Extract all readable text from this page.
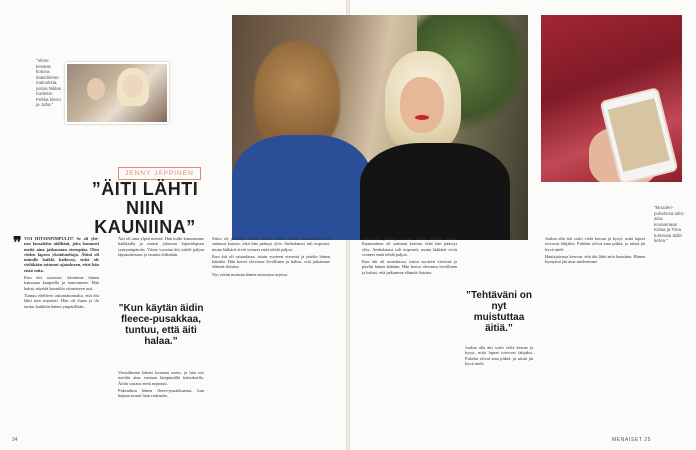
”Viime kesänä kotona katselimme mainoksia, joissa Niklas Karlelon Pekka kierro ja Juha.”
”Mooderi-puhelinsä tulisi aina kuvaamaan Kelaa ja Tiina tuntevaa äidin tietoa.”
JENNY JÄPPINEN
”ÄITI LÄHTI NIIN KAUNIINA”
❞ VOI HITSINPIMPULIT! Se oli ylei-nen lausahdus äidiltäni, joka kannusti meitä aina jatkamaan eteenpäin. Olen viiden lapsen yksinhuoltaja. Äitini oli minulle kaikki kaikessa, enkä ole vieläkään tottunut ajatukseen, ettei hän enää soita.

Kun äiti sairastui, kävimme hänen kanssaan kaupoilla ja nauroimme. Hän halusi näyttää kauniilta viimeiseen asti.

Tuntuu edelleen uskomattomalta, että äiti lähti niin nopeasti. Hän oli ihana ja ilo tarttui kaikkiin hänen ympärillään.

Äiti oli aina ylpeä meistä. Hän kulki kanssamme kaikkialla ja muisti jokaisen lapsenlapsen syntymäpäivän. Viime vuosina äiti jutteli paljon lapsuudestaan ja omasta äidistään.

”Kun käytän äidin fleece-pusakkaa, tuntuu, että äiti halaa.”

Vierailimme hänen luonaan usein, ja hän otti meidät aina vastaan lämpimällä halauksella. Äidin sairaus eteni nopeasti.

Pukeuduin hänen fleece-pusakkaansa, kun kaipuu tuntui liian raskaalta.

Sisko oli yrittänyt soittaa äidille monta kertaa. Kaatuminen oli sattunut kotona, eikä hän päässyt ylös. Ambulanssi tuli nopeasti, mutta lääkärit eivät voineet enää tehdä paljon.

Kun äiti oli sairaalassa, istuin vuoteen vieressä ja pitelin hänen kättään. Hän kertoi olevansa levollinen ja halusi, että jatkamme elämää iloisina.

Nyt yritän muistaa hänen neuvonsa arjessa.

Sisko oli yrittänyt soittaa äidille monta kertaa. Kaatuminen oli sattunut kotona, eikä hän päässyt ylös. Ambulanssi tuli nopeasti, mutta lääkärit eivät voineet enää tehdä paljon.

Kun äiti oli sairaalassa, istuin vuoteen vieressä ja pitelin hänen kättään. Hän kertoi olevansa levollinen ja halusi, että jatkamme elämää iloisina.

”Tehtäväni on nyt muistuttaa äitiä.”

Joulun alla äiti soitti vielä kerran ja kysyi, mitä lapset toivovat lahjaksi. Puhelut olivat aina pitkiä, ja niistä jäi hyvä mieli.

Joulun alla äiti soitti vielä kerran ja kysyi, mitä lapset toivovat lahjaksi. Puhelut olivat aina pitkiä, ja niistä jäi hyvä mieli.

Hautajaisissa kerroin, että äiti lähti niin kauniina. Hänen hymynsä jää aina mieleemme.

24	MENAISET 25
